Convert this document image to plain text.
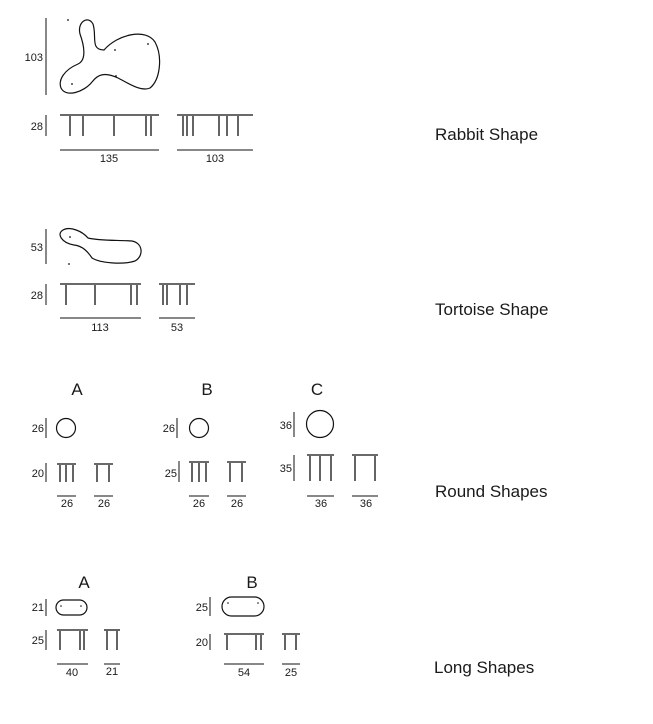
103
28
135	103
Rabbit Shape
53
28
113	53
Tortoise Shape
A
26
20
26 26
B
26
25
26 26
C
36
35
36	36
Round Shapes
A
21
25
40	21
B
25
20
54	25	Long Shapes
